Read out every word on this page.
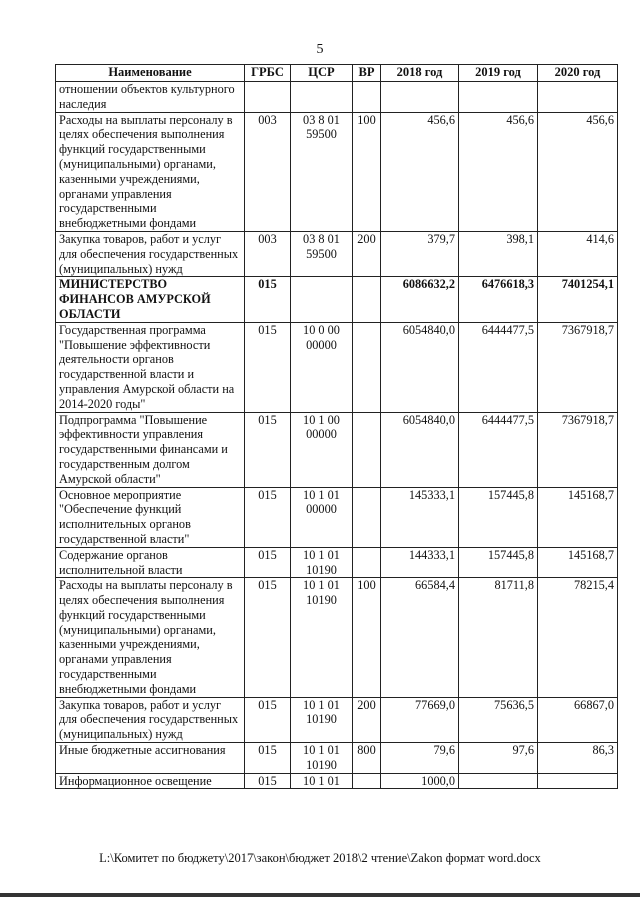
5
Наименование	ГРБС	ЦСР	ВР	2018 год	2019 год	2020 год
отношении объектов культурного наследия						
Расходы на выплаты персоналу в целях обеспечения выполнения функций государственными (муниципальными) органами, казенными учреждениями, органами управления государственными внебюджетными фондами	003	03 8 01 59500	100	456,6	456,6	456,6
Закупка товаров, работ и услуг для обеспечения государственных (муниципальных) нужд	003	03 8 01 59500	200	379,7	398,1	414,6
МИНИСТЕРСТВО ФИНАНСОВ АМУРСКОЙ ОБЛАСТИ	015			6086632,2	6476618,3	7401254,1
Государственная программа "Повышение эффективности деятельности органов государственной власти и управления Амурской области на 2014-2020 годы"	015	10 0 00 00000		6054840,0	6444477,5	7367918,7
Подпрограмма "Повышение эффективности управления государственными финансами и государственным долгом Амурской области"	015	10 1 00 00000		6054840,0	6444477,5	7367918,7
Основное мероприятие "Обеспечение функций исполнительных органов государственной власти"	015	10 1 01 00000		145333,1	157445,8	145168,7
Содержание органов исполнительной власти	015	10 1 01 10190		144333,1	157445,8	145168,7
Расходы на выплаты персоналу в целях обеспечения выполнения функций государственными (муниципальными) органами, казенными учреждениями, органами управления государственными внебюджетными фондами	015	10 1 01 10190	100	66584,4	81711,8	78215,4
Закупка товаров, работ и услуг для обеспечения государственных (муниципальных) нужд	015	10 1 01 10190	200	77669,0	75636,5	66867,0
Иные бюджетные ассигнования	015	10 1 01 10190	800	79,6	97,6	86,3
Информационное освещение	015	10 1 01		1000,0		
L:\Комитет по бюджету\2017\закон\бюджет 2018\2 чтение\Zakon формат word.docx
